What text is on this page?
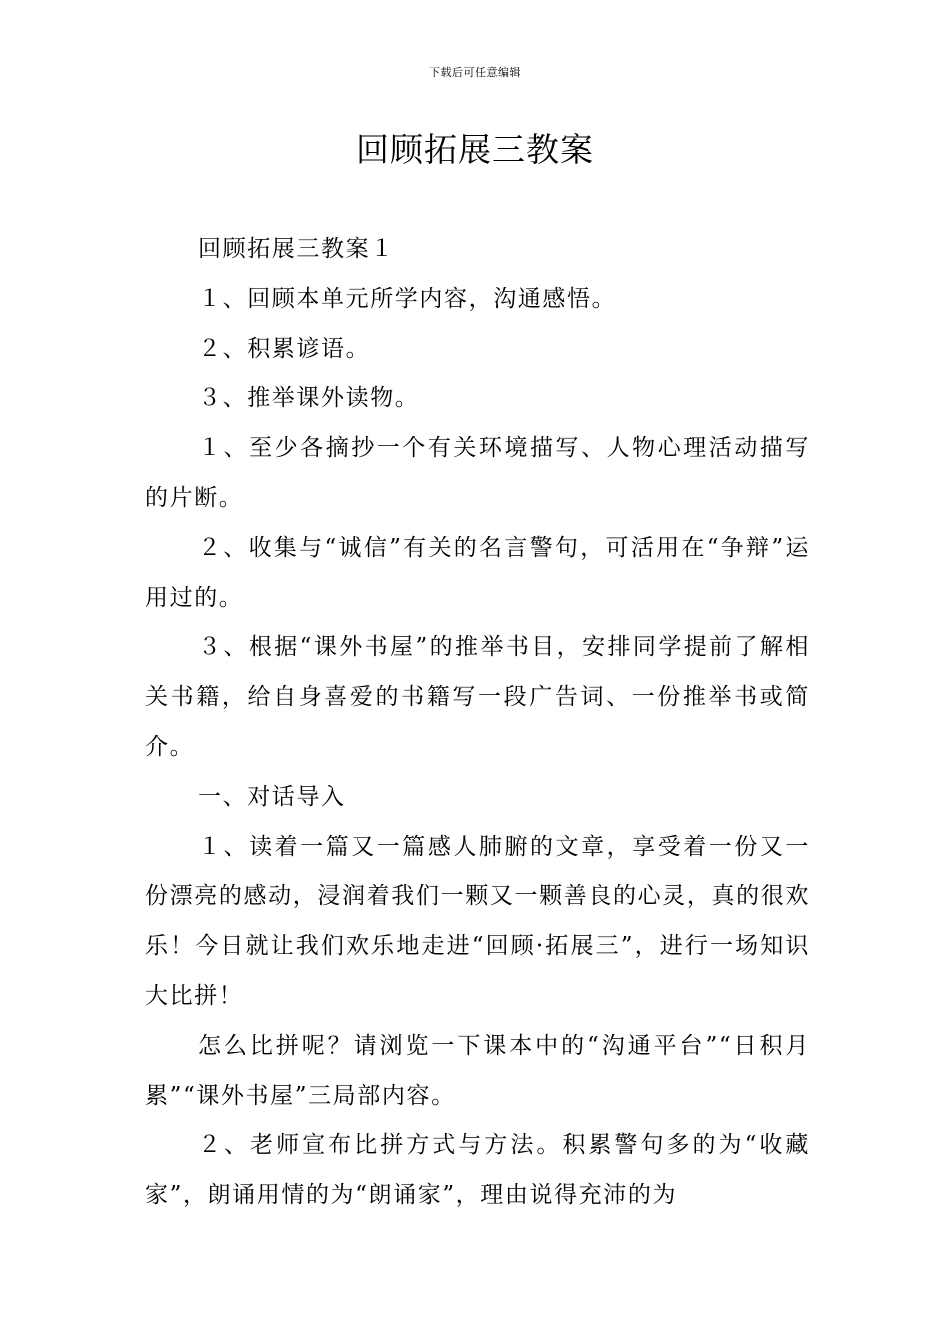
下载后可任意编辑
回顾拓展三教案

回顾拓展三教案１

１、回顾本单元所学内容，沟通感悟。

２、积累谚语。

３、推举课外读物。

１、至少各摘抄一个有关环境描写、人物心理活动描写的片断。

２、收集与“诚信”有关的名言警句，可活用在“争辩”运用过的。

３、根据“课外书屋”的推举书目，安排同学提前了解相关书籍，给自身喜爱的书籍写一段广告词、一份推举书或简介。

一、对话导入

１、读着一篇又一篇感人肺腑的文章，享受着一份又一份漂亮的感动，浸润着我们一颗又一颗善良的心灵，真的很欢乐！今日就让我们欢乐地走进“回顾·拓展三”，进行一场知识大比拼！

怎么比拼呢？请浏览一下课本中的“沟通平台”“日积月累”“课外书屋”三局部内容。

２、老师宣布比拼方式与方法。积累警句多的为“收藏家”，朗诵用情的为“朗诵家”，理由说得充沛的为
